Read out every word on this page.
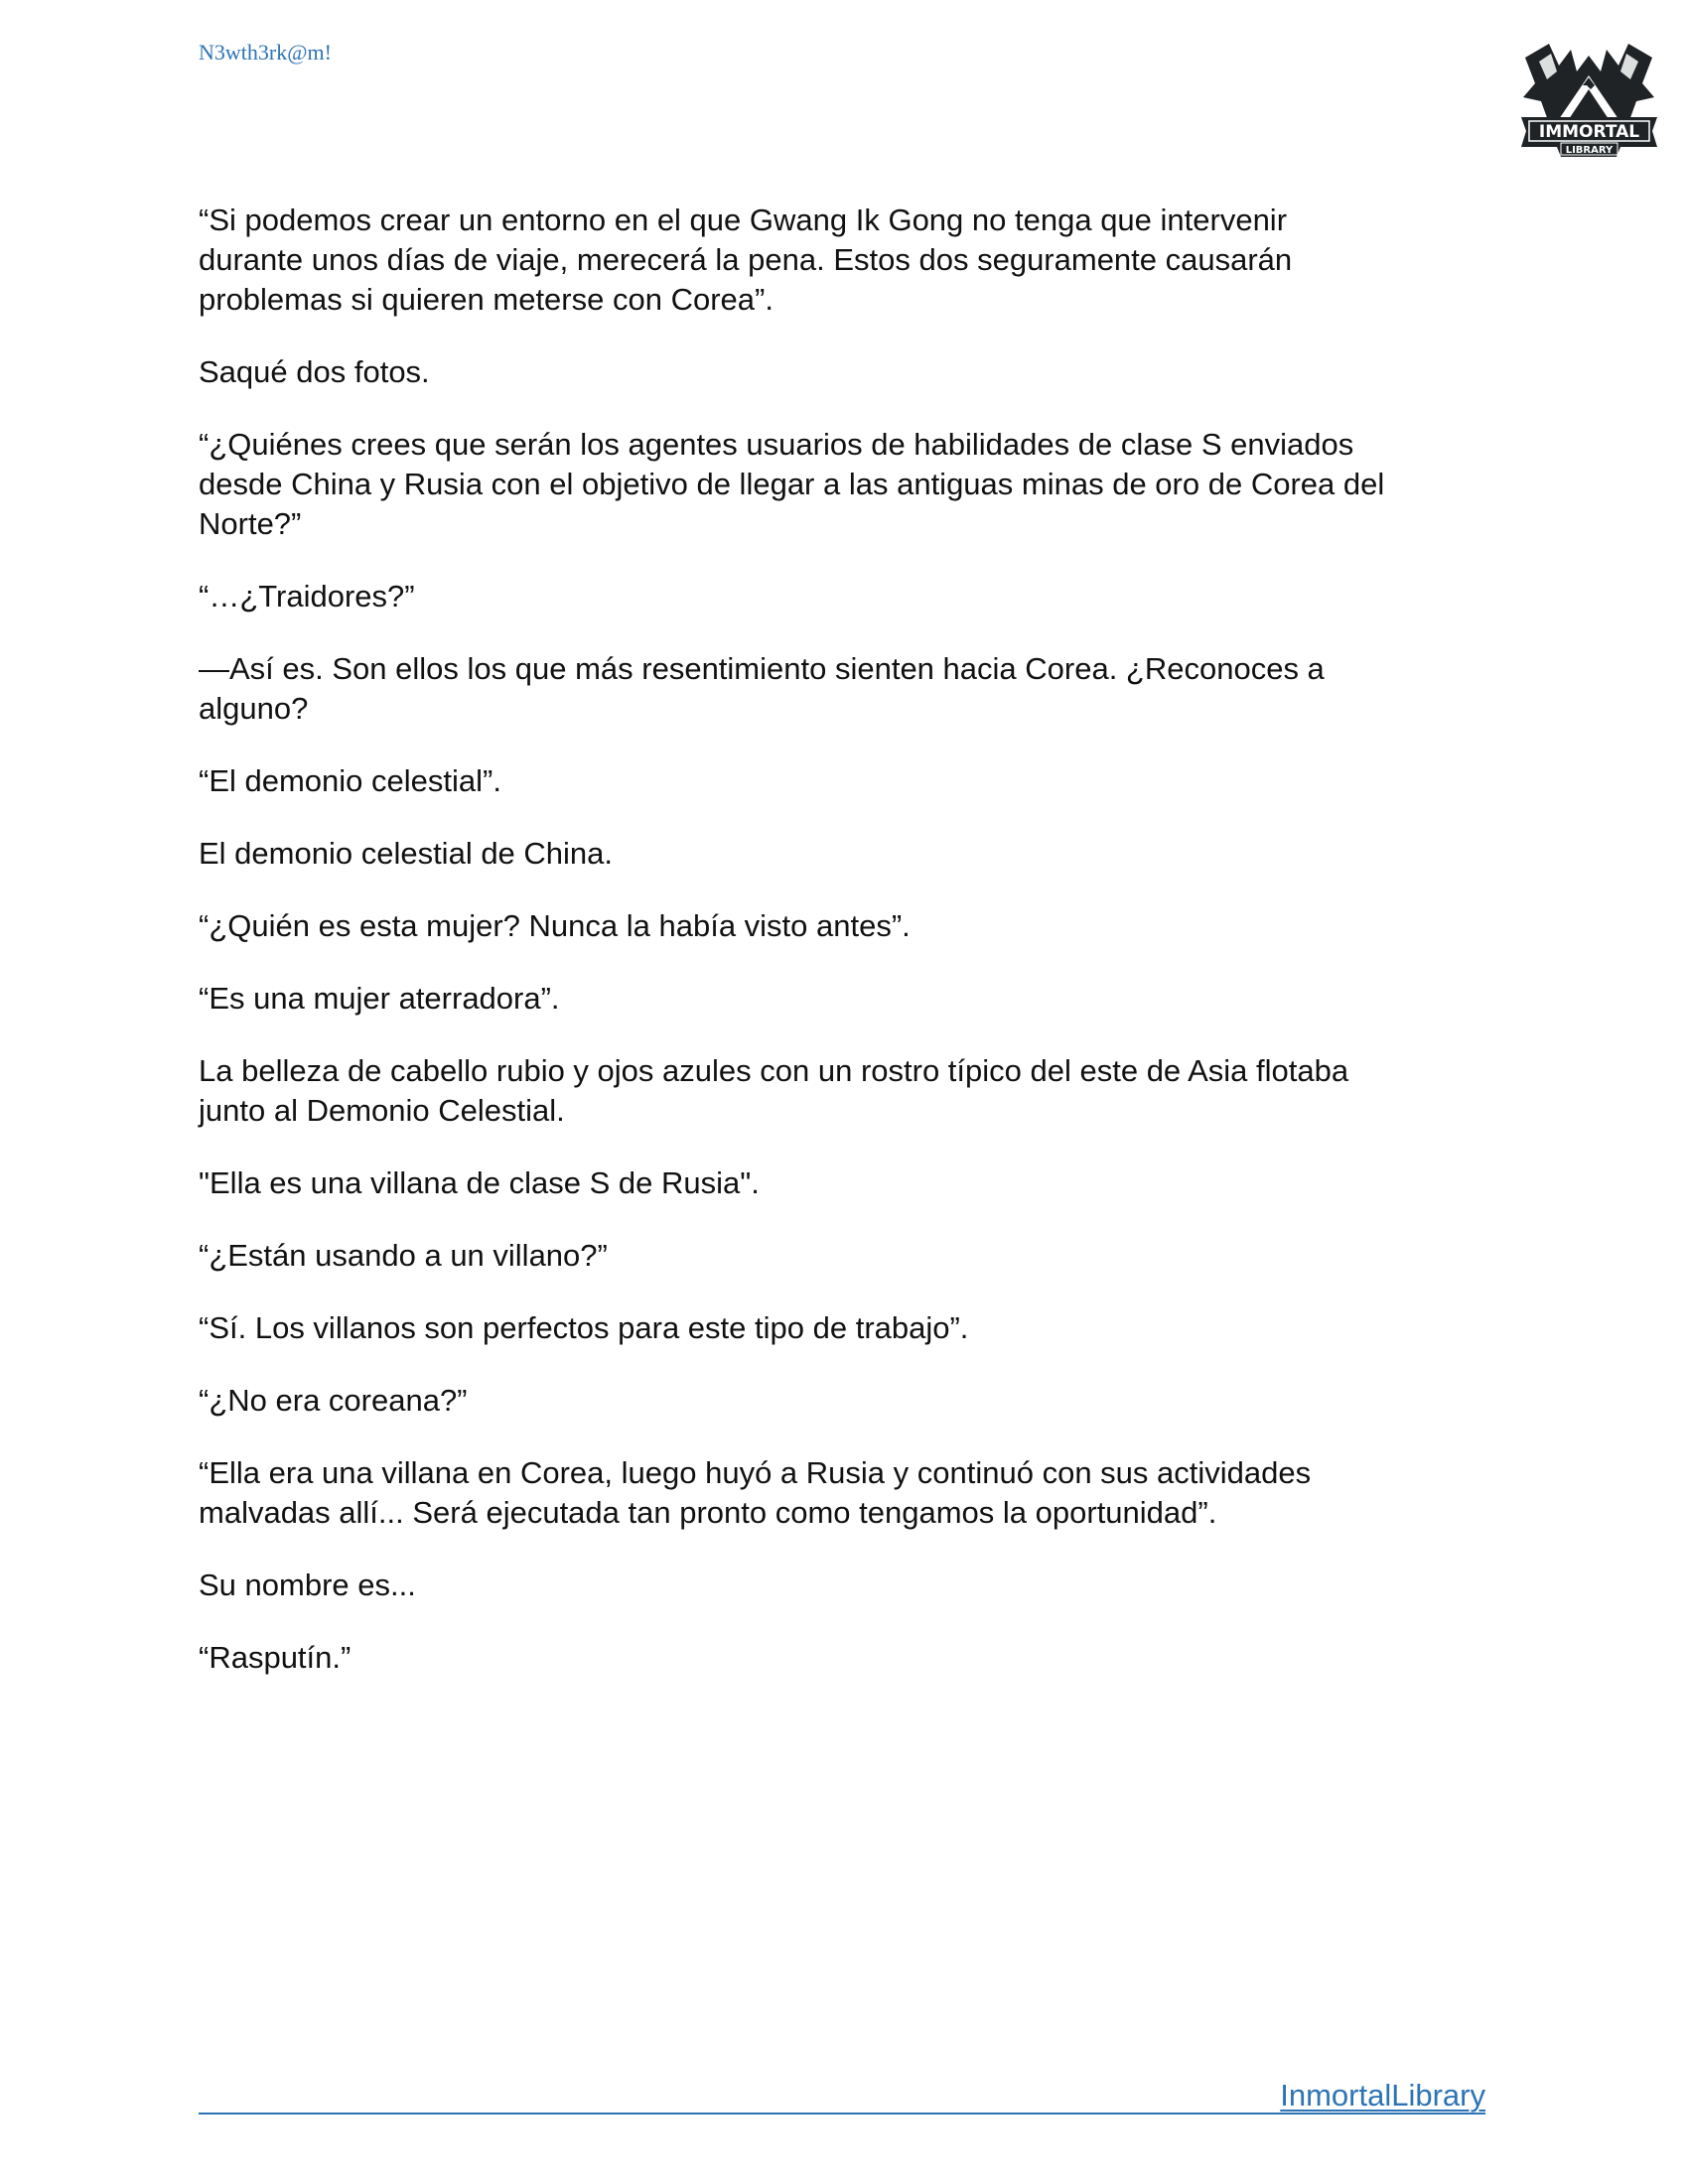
N3wth3rk@m!
IMMORTAL
LIBRARY

“Si podemos crear un entorno en el que Gwang Ik Gong no tenga que intervenir
durante unos días de viaje, merecerá la pena. Estos dos seguramente causarán
problemas si quieren meterse con Corea”.

Saqué dos fotos.

“¿Quiénes crees que serán los agentes usuarios de habilidades de clase S enviados
desde China y Rusia con el objetivo de llegar a las antiguas minas de oro de Corea del
Norte?”

“…¿Traidores?”

—Así es. Son ellos los que más resentimiento sienten hacia Corea. ¿Reconoces a
alguno?

“El demonio celestial”.

El demonio celestial de China.

“¿Quién es esta mujer? Nunca la había visto antes”.

“Es una mujer aterradora”.

La belleza de cabello rubio y ojos azules con un rostro típico del este de Asia flotaba
junto al Demonio Celestial.

"Ella es una villana de clase S de Rusia".

“¿Están usando a un villano?”

“Sí. Los villanos son perfectos para este tipo de trabajo”.

“¿No era coreana?”

“Ella era una villana en Corea, luego huyó a Rusia y continuó con sus actividades
malvadas allí... Será ejecutada tan pronto como tengamos la oportunidad”.

Su nombre es...

“Rasputín.”

InmortalLibrary
